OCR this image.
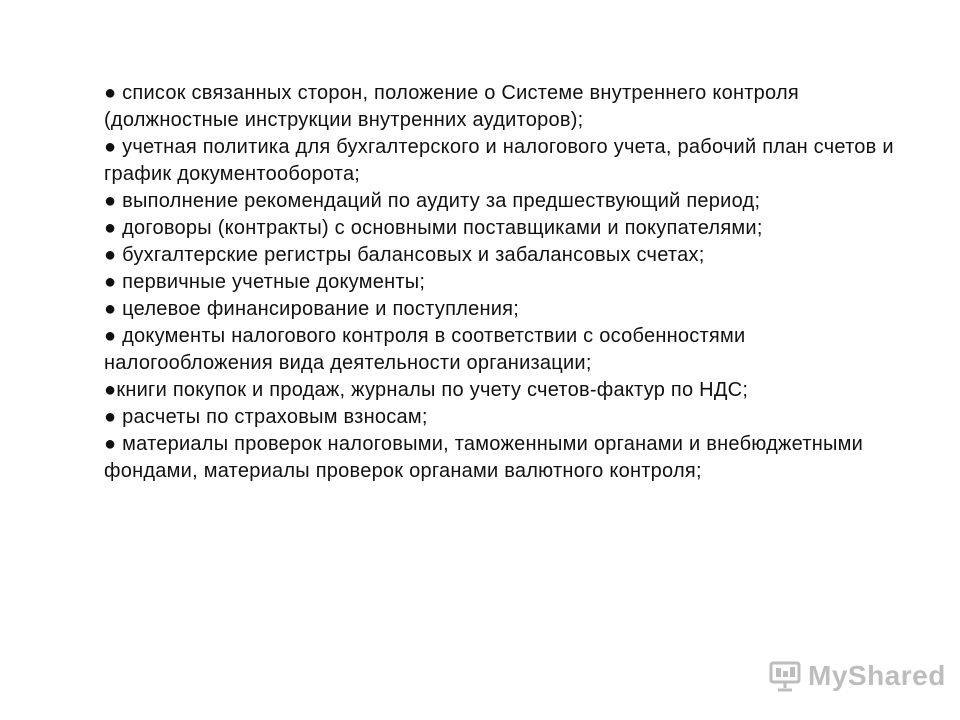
● список связанных сторон, положение о Системе внутреннего контроля (должностные инструкции внутренних аудиторов);
● учетная политика для бухгалтерского и налогового учета, рабочий план счетов и график документооборота;
● выполнение рекомендаций по аудиту за предшествующий период;
● договоры (контракты) с основными поставщиками и покупателями;
● бухгалтерские регистры балансовых и забалансовых счетах;
● первичные учетные документы;
● целевое финансирование и поступления;
● документы налогового контроля в соответствии с особенностями налогообложения вида деятельности организации;
●книги покупок и продаж, журналы по учету счетов-фактур по НДС;
● расчеты по страховым взносам;
● материалы проверок налоговыми, таможенными органами и внебюджетными фондами, материалы проверок органами валютного контроля;
MyShared
